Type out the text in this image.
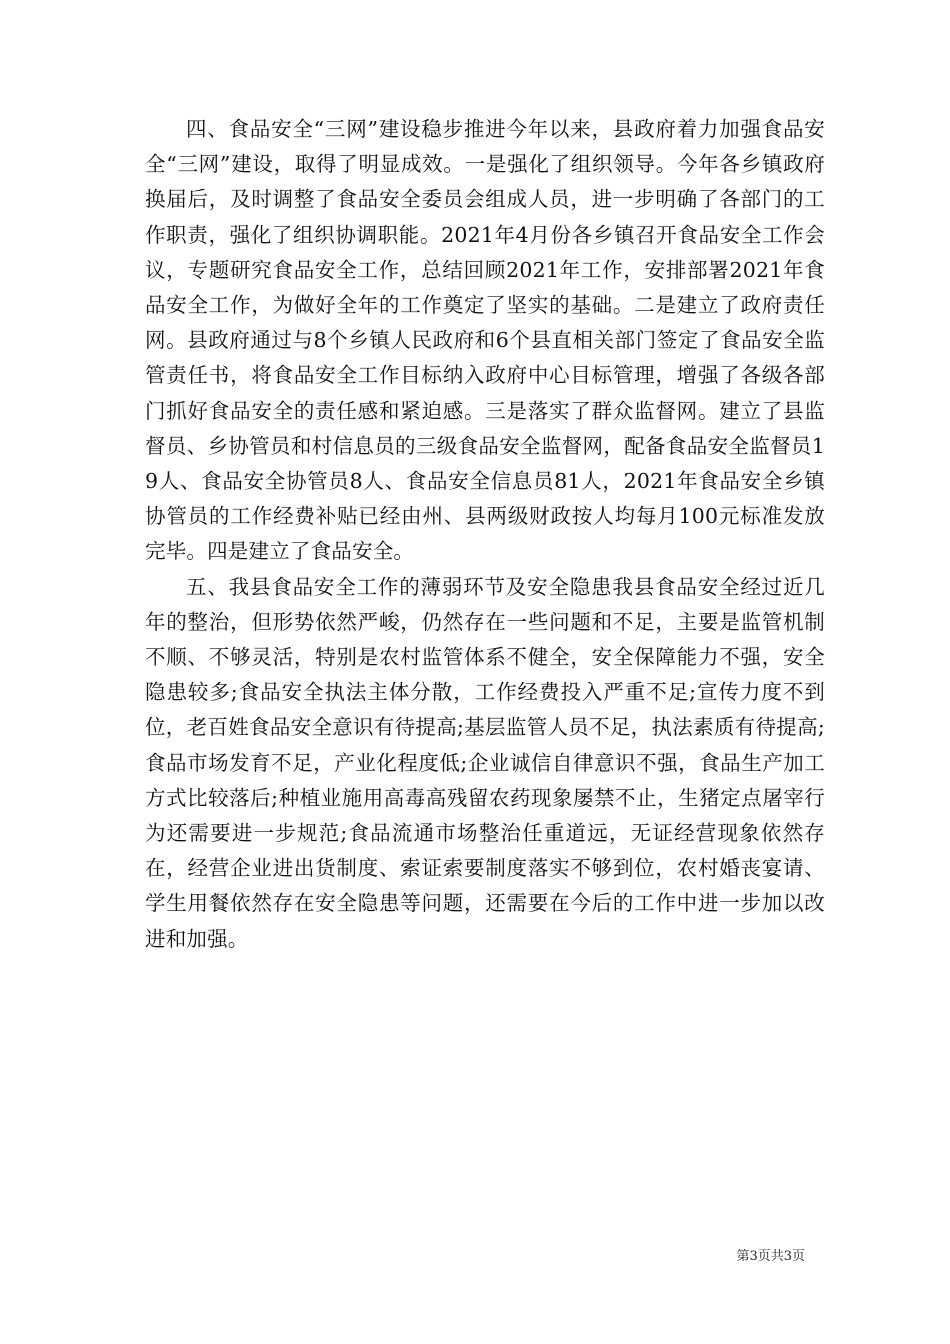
四、食品安全“三网”建设稳步推进今年以来，县政府着力加强食品安全“三网”建设，取得了明显成效。一是强化了组织领导。今年各乡镇政府换届后，及时调整了食品安全委员会组成人员，进一步明确了各部门的工作职责，强化了组织协调职能。2021年4月份各乡镇召开食品安全工作会议，专题研究食品安全工作，总结回顾2021年工作，安排部署2021年食品安全工作，为做好全年的工作奠定了坚实的基础。二是建立了政府责任网。县政府通过与8个乡镇人民政府和6个县直相关部门签定了食品安全监管责任书，将食品安全工作目标纳入政府中心目标管理，增强了各级各部门抓好食品安全的责任感和紧迫感。三是落实了群众监督网。建立了县监督员、乡协管员和村信息员的三级食品安全监督网，配备食品安全监督员19人、食品安全协管员8人、食品安全信息员81人，2021年食品安全乡镇协管员的工作经费补贴已经由州、县两级财政按人均每月100元标准发放完毕。四是建立了食品安全。

五、我县食品安全工作的薄弱环节及安全隐患我县食品安全经过近几年的整治，但形势依然严峻，仍然存在一些问题和不足，主要是监管机制不顺、不够灵活，特别是农村监管体系不健全，安全保障能力不强，安全隐患较多;食品安全执法主体分散，工作经费投入严重不足;宣传力度不到位，老百姓食品安全意识有待提高;基层监管人员不足，执法素质有待提高;食品市场发育不足，产业化程度低;企业诚信自律意识不强，食品生产加工方式比较落后;种植业施用高毒高残留农药现象屡禁不止，生猪定点屠宰行为还需要进一步规范;食品流通市场整治任重道远，无证经营现象依然存在，经营企业进出货制度、索证索要制度落实不够到位，农村婚丧宴请、学生用餐依然存在安全隐患等问题，还需要在今后的工作中进一步加以改进和加强。

第3页共3页
